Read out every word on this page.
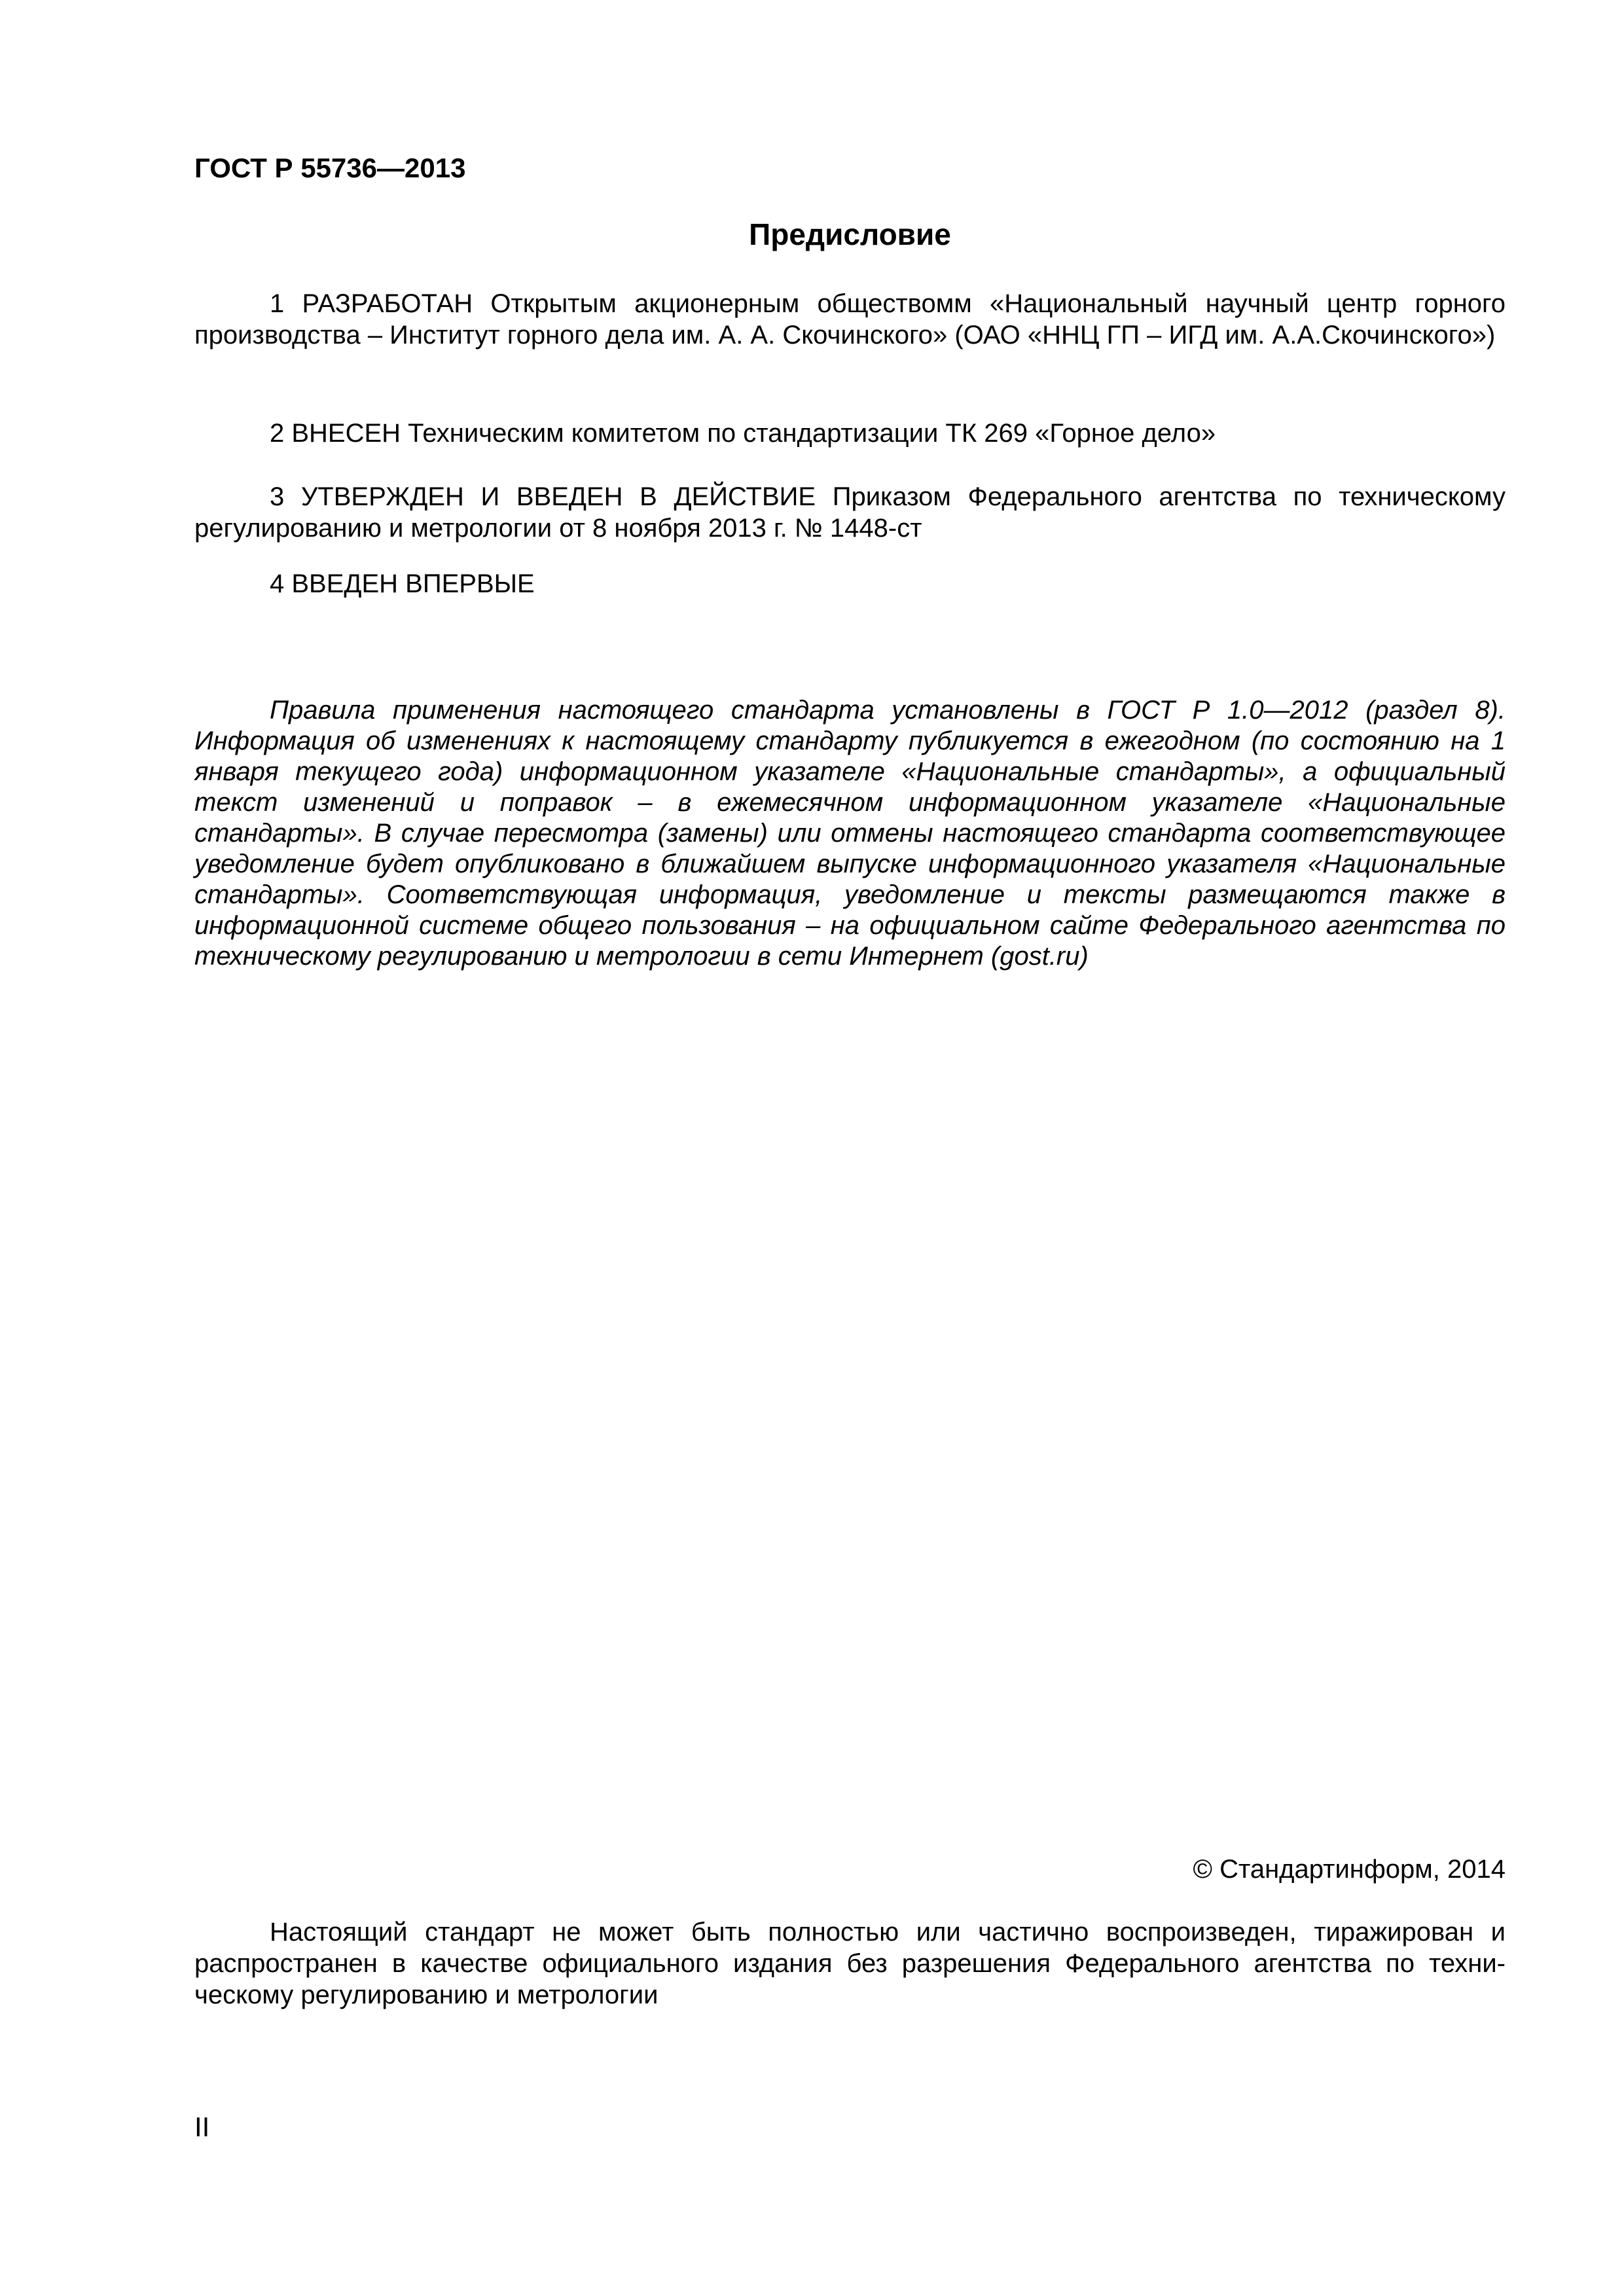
ГОСТ Р 55736—2013
Предисловие
1 РАЗРАБОТАН Открытым акционерным обществомм «Национальный научный центр горного производства – Институт горного дела им. А. А. Скочинского» (ОАО «ННЦ ГП – ИГД им. А.А.Скочинского»)
2 ВНЕСЕН Техническим комитетом по стандартизации ТК 269 «Горное дело»
3 УТВЕРЖДЕН И ВВЕДЕН В ДЕЙСТВИЕ Приказом Федерального агентства по техническому регулированию и метрологии от 8 ноября 2013 г. № 1448-ст
4 ВВЕДЕН ВПЕРВЫЕ
Правила применения настоящего стандарта установлены в ГОСТ Р 1.0—2012 (раздел 8). Информация об изменениях к настоящему стандарту публикуется в ежегодном (по состоянию на 1 января текущего года) информационном указателе «Национальные стандарты», а официальный текст изменений и поправок – в ежемесячном информационном указателе «Национальные стандарты». В случае пересмотра (замены) или отмены настоящего стандарта соответствующее уведомление будет опубликовано в ближайшем выпуске информационного указателя «Национальные стандарты». Соответствующая информация, уведомление и тексты размещаются также в информационной системе общего пользования – на официальном сайте Федерального агентства по техническому регулированию и метрологии в сети Интернет (gost.ru)
© Стандартинформ, 2014
Настоящий стандарт не может быть полностью или частично воспроизведен, тиражирован и распространен в качестве официального издания без разрешения Федерального агентства по техническому регулированию и метрологии
II
